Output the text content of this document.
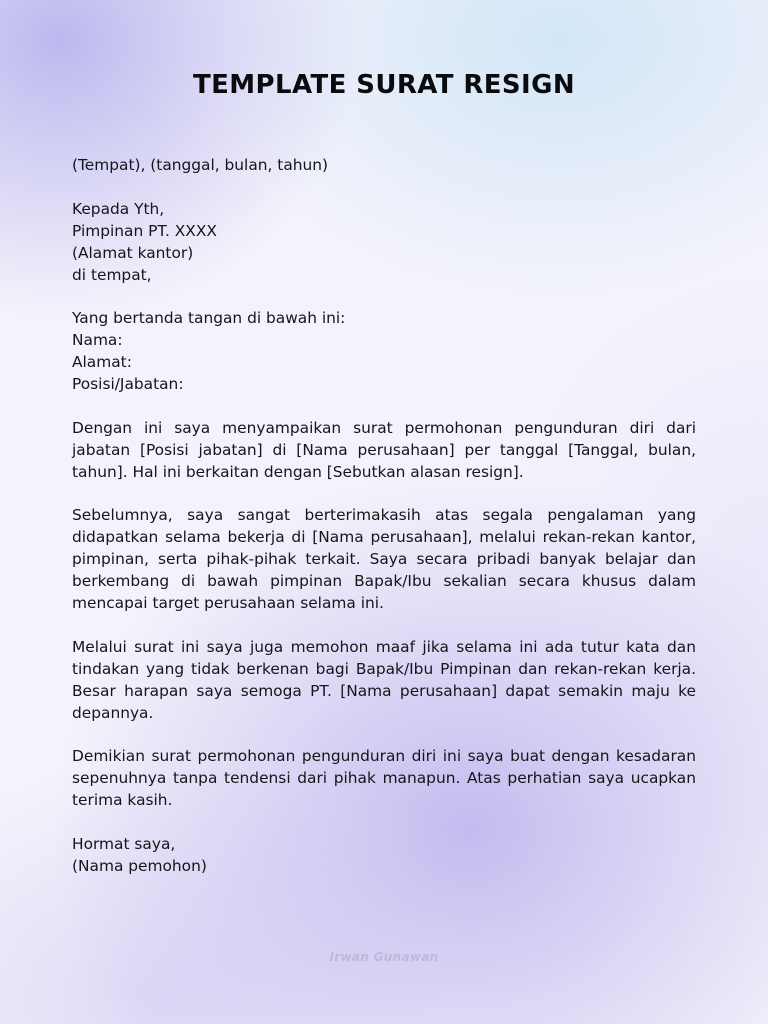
TEMPLATE SURAT RESIGN
(Tempat), (tanggal, bulan, tahun)
Kepada Yth,
Pimpinan PT. XXXX
(Alamat kantor)
di tempat,
Yang bertanda tangan di bawah ini:
Nama:
Alamat:
Posisi/Jabatan:

Dengan ini saya menyampaikan surat permohonan pengunduran diri dari jabatan [Posisi jabatan] di [Nama perusahaan] per tanggal [Tanggal, bulan, tahun]. Hal ini berkaitan dengan [Sebutkan alasan resign].

Sebelumnya, saya sangat berterimakasih atas segala pengalaman yang didapatkan selama bekerja di [Nama perusahaan], melalui rekan-rekan kantor, pimpinan, serta pihak-pihak terkait. Saya secara pribadi banyak belajar dan berkembang di bawah pimpinan Bapak/Ibu sekalian secara khusus dalam mencapai target perusahaan selama ini.

Melalui surat ini saya juga memohon maaf jika selama ini ada tutur kata dan tindakan yang tidak berkenan bagi Bapak/Ibu Pimpinan dan rekan-rekan kerja. Besar harapan saya semoga PT. [Nama perusahaan] dapat semakin maju ke depannya.

Demikian surat permohonan pengunduran diri ini saya buat dengan kesadaran sepenuhnya tanpa tendensi dari pihak manapun. Atas perhatian saya ucapkan terima kasih.

Hormat saya,
(Nama pemohon)
Irwan Gunawan
